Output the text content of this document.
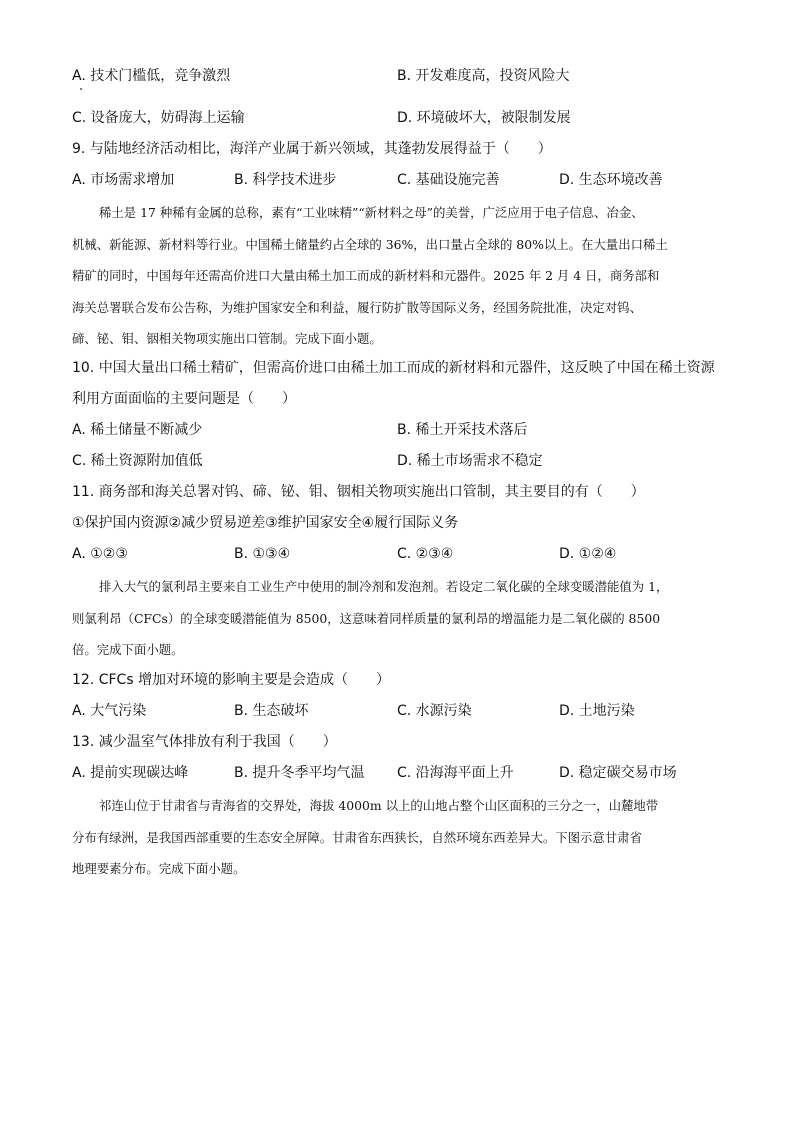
A. 技术门槛低，竞争激烈	B. 开发难度高，投资风险大
C. 设备庞大，妨碍海上运输	D. 环境破坏大，被限制发展
9. 与陆地经济活动相比，海洋产业属于新兴领域，其蓬勃发展得益于（　　）
A. 市场需求增加	B. 科学技术进步	C. 基础设施完善	D. 生态环境改善
稀土是 17 种稀有金属的总称，素有“工业味精”“新材料之母”的美誉，广泛应用于电子信息、冶金、
机械、新能源、新材料等行业。中国稀土储量约占全球的 36%，出口量占全球的 80%以上。在大量出口稀土
精矿的同时，中国每年还需高价进口大量由稀土加工而成的新材料和元器件。2025 年 2 月 4 日，商务部和
海关总署联合发布公告称，为维护国家安全和利益，履行防扩散等国际义务，经国务院批准，决定对钨、
碲、铋、钼、铟相关物项实施出口管制。完成下面小题。
10. 中国大量出口稀土精矿，但需高价进口由稀土加工而成的新材料和元器件，这反映了中国在稀土资源
利用方面面临的主要问题是（　　）
A. 稀土储量不断减少	B. 稀土开采技术落后
C. 稀土资源附加值低	D. 稀土市场需求不稳定
11. 商务部和海关总署对钨、碲、铋、钼、铟相关物项实施出口管制，其主要目的有（　　）
①保护国内资源②减少贸易逆差③维护国家安全④履行国际义务
A. ①②③	B. ①③④	C. ②③④	D. ①②④
排入大气的氯利昂主要来自工业生产中使用的制冷剂和发泡剂。若设定二氧化碳的全球变暖潜能值为 1，
则氯利昂（CFCs）的全球变暖潜能值为 8500，这意味着同样质量的氯利昂的增温能力是二氧化碳的 8500
倍。完成下面小题。
12. CFCs 增加对环境的影响主要是会造成（　　）
A. 大气污染	B. 生态破坏	C. 水源污染	D. 土地污染
13. 减少温室气体排放有利于我国（　　）
A. 提前实现碳达峰	B. 提升冬季平均气温 C. 沿海海平面上升	D. 稳定碳交易市场
祁连山位于甘肃省与青海省的交界处，海拔 4000m 以上的山地占整个山区面积的三分之一，山麓地带
分布有绿洲，是我国西部重要的生态安全屏障。甘肃省东西狭长，自然环境东西差异大。下图示意甘肃省
地理要素分布。完成下面小题。
